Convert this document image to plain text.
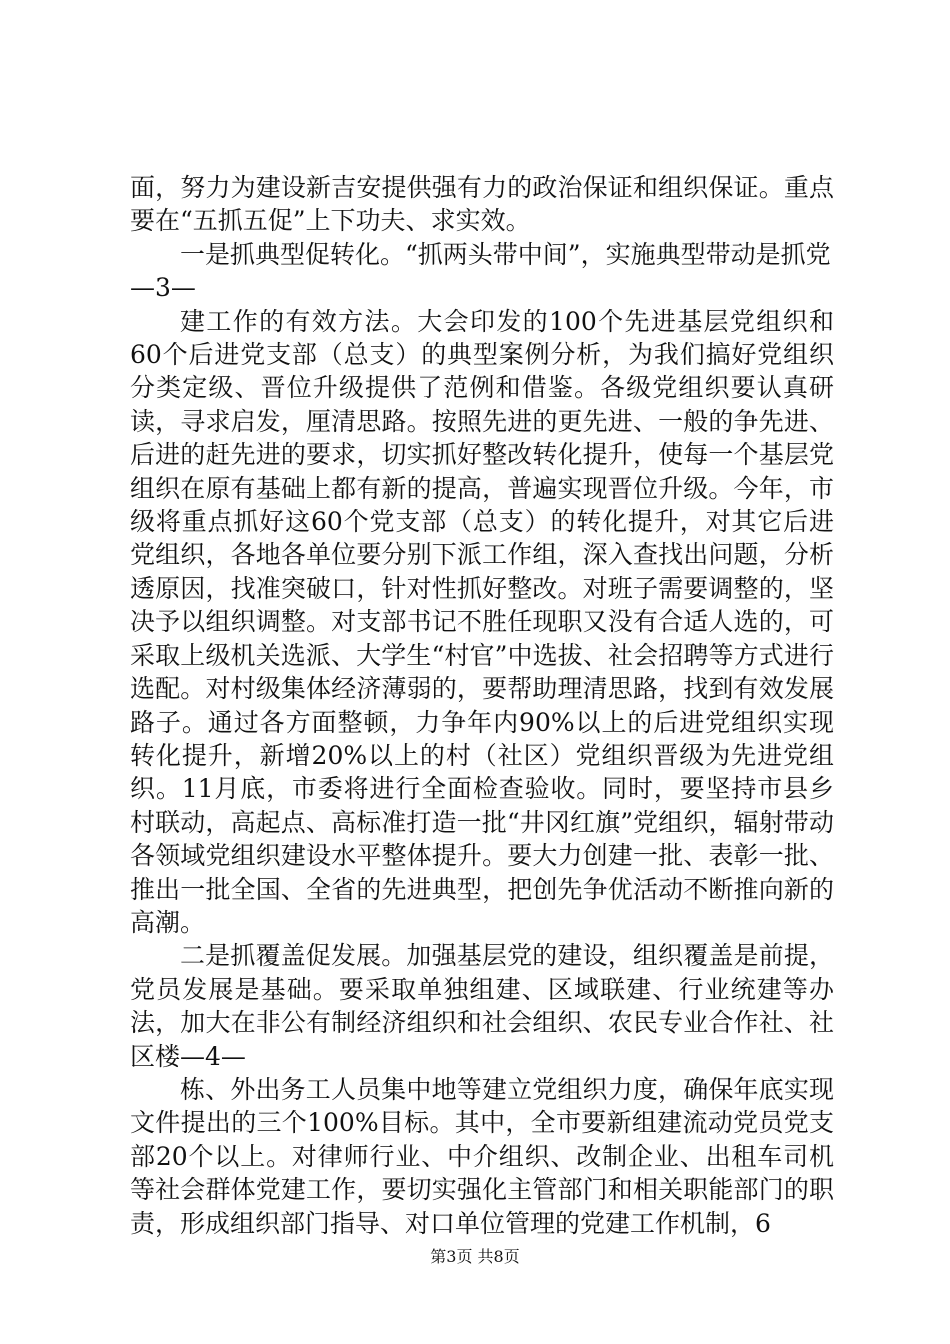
面，努力为建设新吉安提供强有力的政治保证和组织保证。重点要在“五抓五促”上下功夫、求实效。

一是抓典型促转化。“抓两头带中间”，实施典型带动是抓党

—3—

建工作的有效方法。大会印发的100个先进基层党组织和60个后进党支部（总支）的典型案例分析，为我们搞好党组织分类定级、晋位升级提供了范例和借鉴。各级党组织要认真研读，寻求启发，厘清思路。按照先进的更先进、一般的争先进、后进的赶先进的要求，切实抓好整改转化提升，使每一个基层党组织在原有基础上都有新的提高，普遍实现晋位升级。今年，市级将重点抓好这60个党支部（总支）的转化提升，对其它后进党组织，各地各单位要分别下派工作组，深入查找出问题，分析透原因，找准突破口，针对性抓好整改。对班子需要调整的，坚决予以组织调整。对支部书记不胜任现职又没有合适人选的，可采取上级机关选派、大学生“村官”中选拔、社会招聘等方式进行选配。对村级集体经济薄弱的，要帮助理清思路，找到有效发展路子。通过各方面整顿，力争年内90%以上的后进党组织实现转化提升，新增20%以上的村（社区）党组织晋级为先进党组织。11月底，市委将进行全面检查验收。同时，要坚持市县乡村联动，高起点、高标准打造一批“井冈红旗”党组织，辐射带动各领域党组织建设水平整体提升。要大力创建一批、表彰一批、推出一批全国、全省的先进典型，把创先争优活动不断推向新的高潮。

二是抓覆盖促发展。加强基层党的建设，组织覆盖是前提，党员发展是基础。要采取单独组建、区域联建、行业统建等办法，加大在非公有制经济组织和社会组织、农民专业合作社、社区楼—4—

栋、外出务工人员集中地等建立党组织力度，确保年底实现文件提出的三个100%目标。其中，全市要新组建流动党员党支部20个以上。对律师行业、中介组织、改制企业、出租车司机等社会群体党建工作，要切实强化主管部门和相关职能部门的职责，形成组织部门指导、对口单位管理的党建工作机制，6

第3页 共8页
